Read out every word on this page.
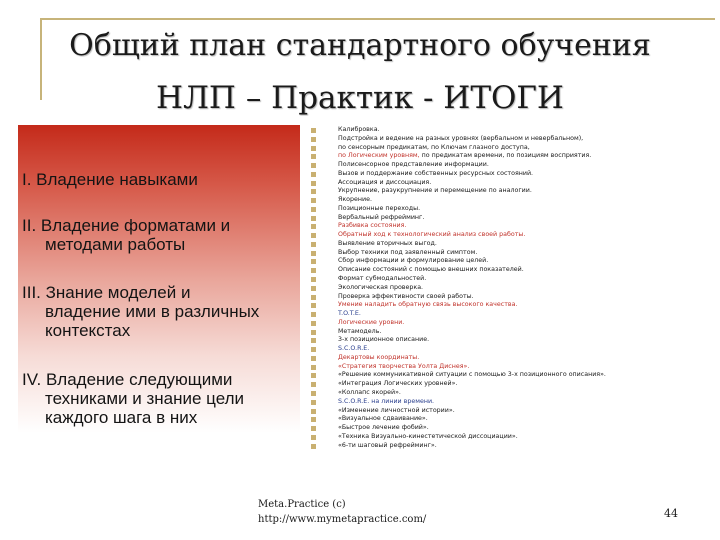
Общий план стандартного обучения
НЛП – Практик - ИТОГИ
I. Владение навыками
II. Владение форматами и
методами работы
III. Знание моделей и
владение ими в различных контекстах
IV. Владение следующими
техниками и знание цели каждого шага в них
Калибровка.
Подстройка и ведение на разных уровнях (вербальном и невербальном),
по сенсорным предикатам, по Ключам глазного доступа,
по Логическим уровням, по предикатам времени, по позициям восприятия.
Полисенсорное представление информации.
Вызов и поддержание собственных ресурсных состояний.
Ассоциация и диссоциация.
Укрупнение, разукрупнение и перемещение по аналогии.
Якорение.
Позиционные переходы.
Вербальный рефрейминг.
Разбивка состояния.
Обратный ход к технологический анализ своей работы.
Выявление вторичных выгод.
Выбор техники под заявленный симптом.
Сбор информации и формулирование целей.
Описание состояний с помощью внешних показателей.
Формат субмодальностей.
Экологическая проверка.
Проверка эффективности своей работы.
Умение наладить обратную связь высокого качества.
T.O.T.E.
Логические уровни.
Метамодель.
3-х позиционное описание.
S.C.O.R.E.
Декартовы координаты.
«Стратегия творчества Уолта Диснея».
«Решение коммуникативной ситуации с помощью 3-х позиционного описания».
«Интеграция Логических уровней».
«Коллапс якорей».
S.C.O.R.E. на линии времени.
«Изменение личностной истории».
«Визуальное сдваивание».
«Быстрое лечение фобий».
«Техника Визуально-кинестетической диссоциации».
«6-ти шаговый рефрейминг».
Meta.Practice (c)
http://www.mymetapractice.com/	44
